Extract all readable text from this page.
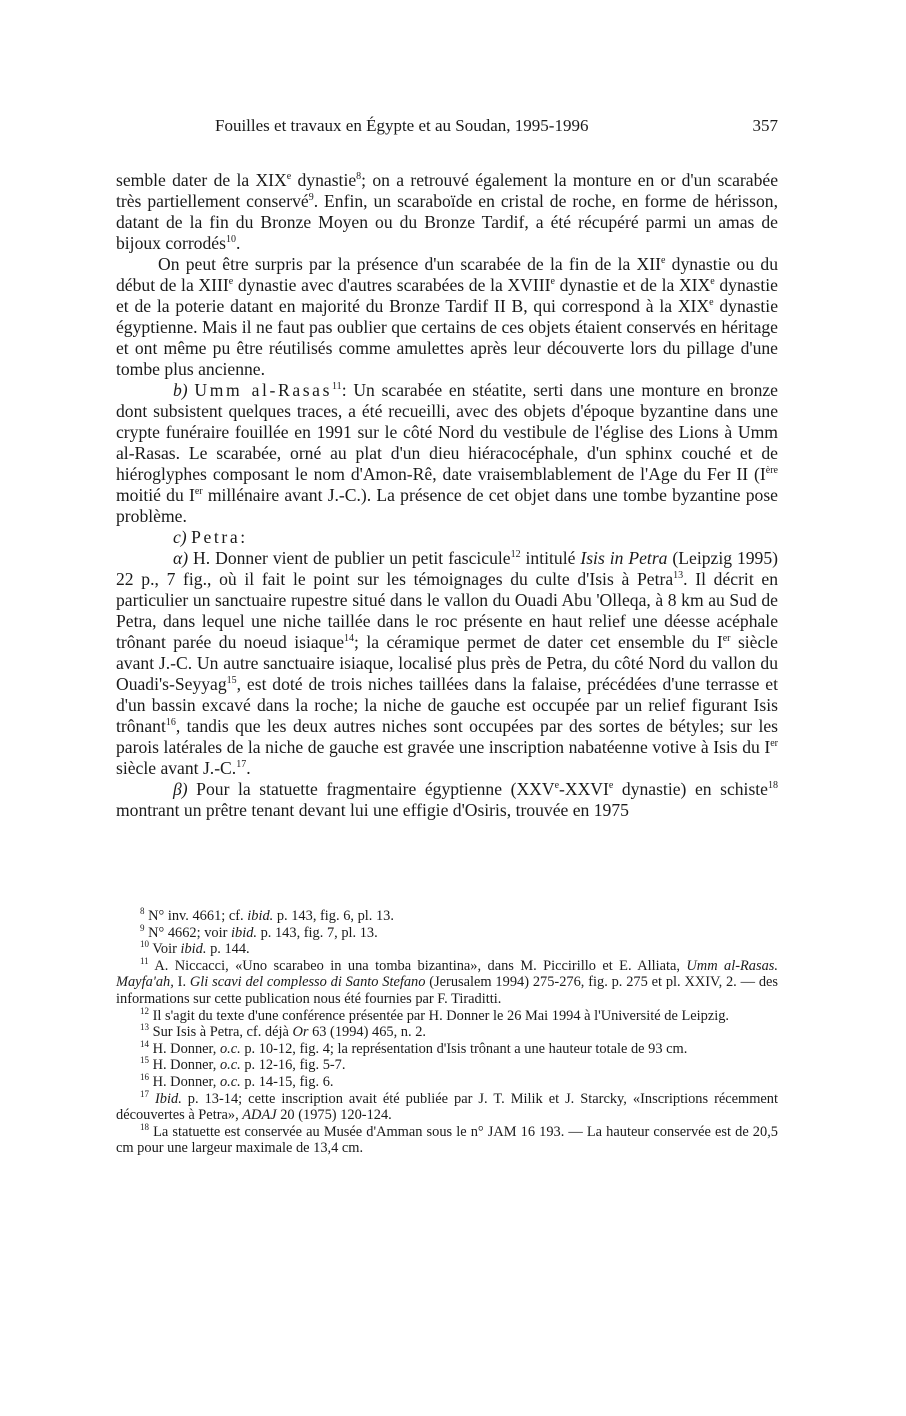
Fouilles et travaux en Égypte et au Soudan, 1995-1996	357

semble dater de la XIXe dynastie$^8$; on a retrouvé également la monture en or d'un scarabée très partiellement conservé$^9$. Enfin, un scaraboïde en cristal de roche, en forme de hérisson, datant de la fin du Bronze Moyen ou du Bronze Tardif, a été récupéré parmi un amas de bijoux corrodés$^{10}$.

On peut être surpris par la présence d'un scarabée de la fin de la XIIe dynastie ou du début de la XIIIe dynastie avec d'autres scarabées de la XVIIIe dynastie et de la XIXe dynastie et de la poterie datant en majorité du Bronze Tardif II B, qui correspond à la XIXe dynastie égyptienne. Mais il ne faut pas oublier que certains de ces objets étaient conservés en héritage et ont même pu être réutilisés comme amulettes après leur découverte lors du pillage d'une tombe plus ancienne.

b) Umm al-Rasas$^{11}$: Un scarabée en stéatite, serti dans une monture en bronze dont subsistent quelques traces, a été recueilli, avec des objets d'époque byzantine dans une crypte funéraire fouillée en 1991 sur le côté Nord du vestibule de l'église des Lions à Umm al-Rasas. Le scarabée, orné au plat d'un dieu hiéracocéphale, d'un sphinx couché et de hiéroglyphes composant le nom d'Amon-Rê, date vraisemblablement de l'Age du Fer II (Ière moitié du Ier millénaire avant J.-C.). La présence de cet objet dans une tombe byzantine pose problème.

c) Petra:

α) H. Donner vient de publier un petit fascicule$^{12}$ intitulé Isis in Petra (Leipzig 1995) 22 p., 7 fig., où il fait le point sur les témoignages du culte d'Isis à Petra$^{13}$. Il décrit en particulier un sanctuaire rupestre situé dans le vallon du Ouadi Abu 'Olleqa, à 8 km au Sud de Petra, dans lequel une niche taillée dans le roc présente en haut relief une déesse acéphale trônant parée du noeud isiaque$^{14}$; la céramique permet de dater cet ensemble du Ier siècle avant J.-C. Un autre sanctuaire isiaque, localisé plus près de Petra, du côté Nord du vallon du Ouadi's-Seyyag$^{15}$, est doté de trois niches taillées dans la falaise, précédées d'une terrasse et d'un bassin excavé dans la roche; la niche de gauche est occupée par un relief figurant Isis trônant$^{16}$, tandis que les deux autres niches sont occupées par des sortes de bétyles; sur les parois latérales de la niche de gauche est gravée une inscription nabatéenne votive à Isis du Ier siècle avant J.-C.$^{17}$.

β) Pour la statuette fragmentaire égyptienne (XXVe-XXVIe dynastie) en schiste$^{18}$ montrant un prêtre tenant devant lui une effigie d'Osiris, trouvée en 1975

$^8$ N° inv. 4661; cf. ibid. p. 143, fig. 6, pl. 13.

$^9$ N° 4662; voir ibid. p. 143, fig. 7, pl. 13.

$^{10}$ Voir ibid. p. 144.

$^{11}$ A. Niccacci, «Uno scarabeo in una tomba bizantina», dans M. Piccirillo et E. Alliata, Umm al-Rasas. Mayfa'ah, I. Gli scavi del complesso di Santo Stefano (Jerusalem 1994) 275-276, fig. p. 275 et pl. XXIV, 2. — des informations sur cette publication nous été fournies par F. Tiraditti.

$^{12}$ Il s'agit du texte d'une conférence présentée par H. Donner le 26 Mai 1994 à l'Université de Leipzig.

$^{13}$ Sur Isis à Petra, cf. déjà Or 63 (1994) 465, n. 2.

$^{14}$ H. Donner, o.c. p. 10-12, fig. 4; la représentation d'Isis trônant a une hauteur totale de 93 cm.

$^{15}$ H. Donner, o.c. p. 12-16, fig. 5-7.

$^{16}$ H. Donner, o.c. p. 14-15, fig. 6.

$^{17}$ Ibid. p. 13-14; cette inscription avait été publiée par J. T. Milik et J. Starcky, «Inscriptions récemment découvertes à Petra», ADAJ 20 (1975) 120-124.

$^{18}$ La statuette est conservée au Musée d'Amman sous le n° JAM 16 193. — La hauteur conservée est de 20,5 cm pour une largeur maximale de 13,4 cm.
